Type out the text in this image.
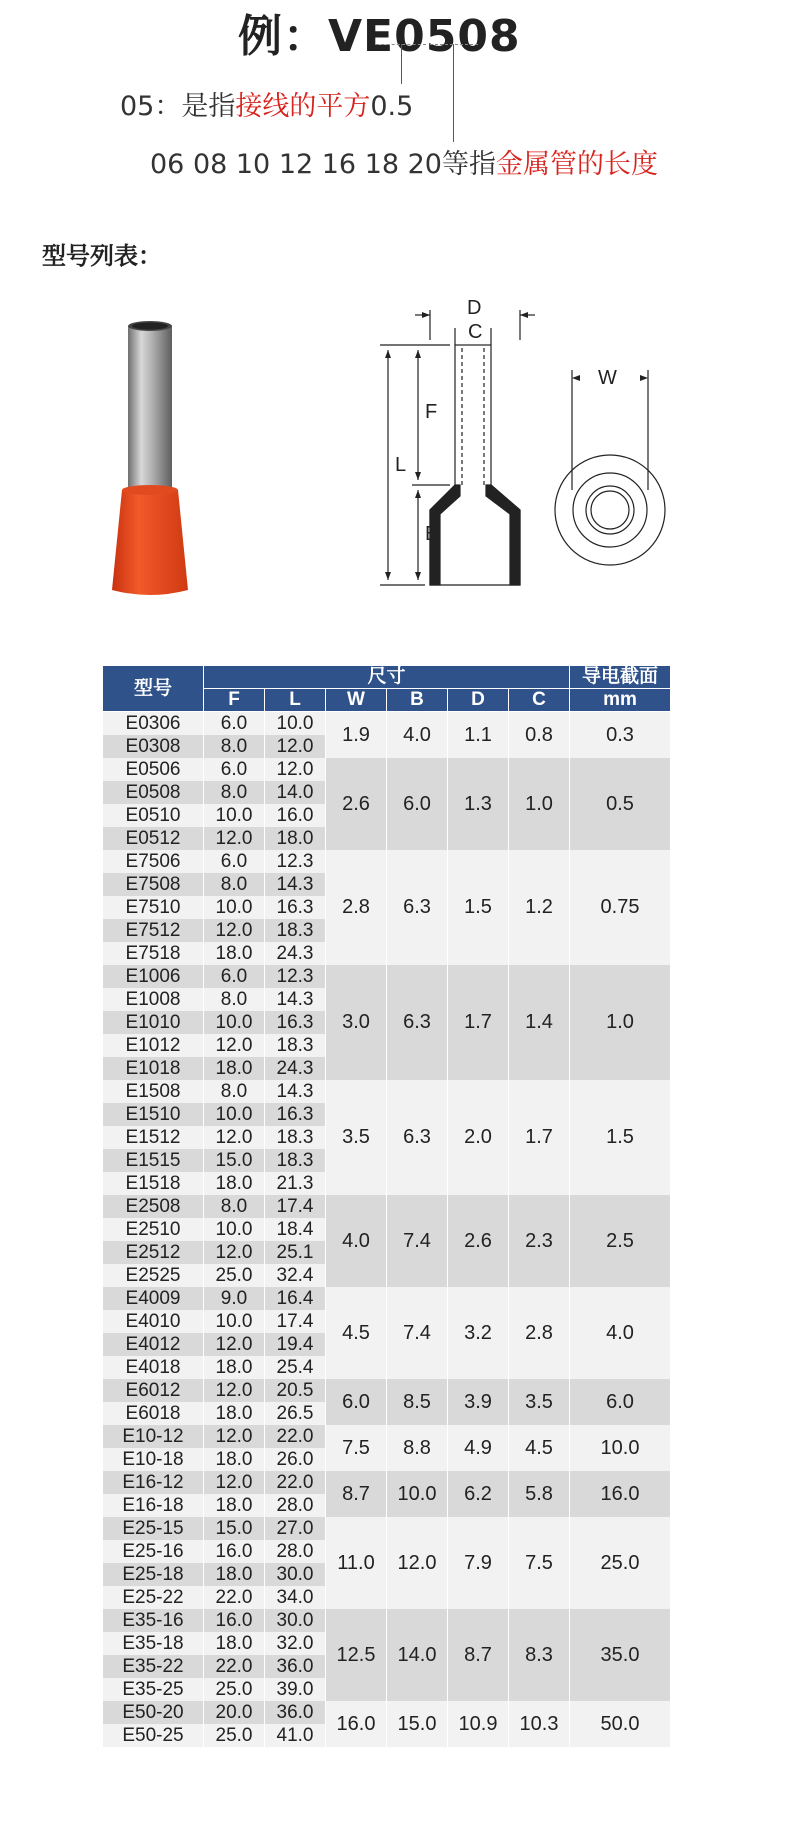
例：VE0508
05：是指接线的平方0.5
06 08 10 12 16 18 20等指金属管的长度
型号列表：
D
C
L
F
B
W
型号	尺寸						导电截面
	F	L	W	B	D	C	mm
E0306	6.0	10.0	1.9	4.0	1.1	0.8	0.3
E0308	8.0	12.0					
E0506	6.0	12.0	2.6	6.0	1.3	1.0	0.5
E0508	8.0	14.0					
E0510	10.0	16.0					
E0512	12.0	18.0					
E7506	6.0	12.3	2.8	6.3	1.5	1.2	0.75
E7508	8.0	14.3					
E7510	10.0	16.3					
E7512	12.0	18.3					
E7518	18.0	24.3					
E1006	6.0	12.3	3.0	6.3	1.7	1.4	1.0
E1008	8.0	14.3					
E1010	10.0	16.3					
E1012	12.0	18.3					
E1018	18.0	24.3					
E1508	8.0	14.3	3.5	6.3	2.0	1.7	1.5
E1510	10.0	16.3					
E1512	12.0	18.3					
E1515	15.0	18.3					
E1518	18.0	21.3					
E2508	8.0	17.4	4.0	7.4	2.6	2.3	2.5
E2510	10.0	18.4					
E2512	12.0	25.1					
E2525	25.0	32.4					
E4009	9.0	16.4	4.5	7.4	3.2	2.8	4.0
E4010	10.0	17.4					
E4012	12.0	19.4					
E4018	18.0	25.4					
E6012	12.0	20.5	6.0	8.5	3.9	3.5	6.0
E6018	18.0	26.5					
E10-12	12.0	22.0	7.5	8.8	4.9	4.5	10.0
E10-18	18.0	26.0					
E16-12	12.0	22.0	8.7	10.0	6.2	5.8	16.0
E16-18	18.0	28.0					
E25-15	15.0	27.0	11.0	12.0	7.9	7.5	25.0
E25-16	16.0	28.0					
E25-18	18.0	30.0					
E25-22	22.0	34.0					
E35-16	16.0	30.0	12.5	14.0	8.7	8.3	35.0
E35-18	18.0	32.0					
E35-22	22.0	36.0					
E35-25	25.0	39.0					
E50-20	20.0	36.0	16.0	15.0	10.9	10.3	50.0
E50-25	25.0	41.0					
